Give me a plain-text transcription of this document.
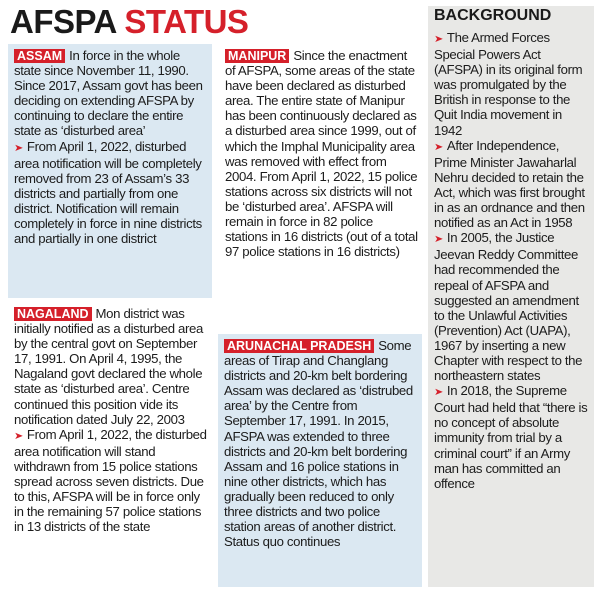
AFSPA STATUS
ASSAM In force in the whole state since November 11, 1990. Since 2017, Assam govt has been deciding on extending AFSPA by continuing to declare the entire state as ‘disturbed area’
➤ From April 1, 2022, disturbed area notification will be completely removed from 23 of Assam’s 33 districts and partially from one district. Notification will remain completely in force in nine districts and partially in one district
MANIPUR Since the enactment of AFSPA, some areas of the state have been declared as disturbed area. The entire state of Manipur has been continuously declared as a disturbed area since 1999, out of which the Imphal Municipality area was removed with effect from 2004. From April 1, 2022, 15 police stations across six districts will not be ‘disturbed area’. AFSPA will remain in force in 82 police stations in 16 districts (out of a total 97 police stations in 16 districts)
NAGALAND Mon district was initially notified as a disturbed area by the central govt on September 17, 1991. On April 4, 1995, the Nagaland govt declared the whole state as ‘disturbed area’. Centre continued this position vide its notification dated July 22, 2003
➤ From April 1, 2022, the disturbed area notification will stand withdrawn from 15 police stations spread across seven districts. Due to this, AFSPA will be in force only in the remaining 57 police stations in 13 districts of the state
ARUNACHAL PRADESH Some areas of Tirap and Changlang districts and 20-km belt bordering Assam was declared as ‘distrubed area’ by the Centre from September 17, 1991. In 2015, AFSPA was extended to three districts and 20-km belt bordering Assam and 16 police stations in nine other districts, which has gradually been reduced to only three districts and two police station areas of another district. Status quo continues
BACKGROUND
➤ The Armed Forces Special Powers Act (AFSPA) in its original form was promulgated by the British in response to the Quit India movement in 1942
➤ After Independence, Prime Minister Jawaharlal Nehru decided to retain the Act, which was first brought in as an ordnance and then notified as an Act in 1958
➤ In 2005, the Justice Jeevan Reddy Committee had recommended the repeal of AFSPA and suggested an amendment to the Unlawful Activities (Prevention) Act (UAPA), 1967 by inserting a new Chapter with respect to the northeastern states
➤ In 2018, the Supreme Court had held that “there is no concept of absolute immunity from trial by a criminal court” if an Army man has committed an offence
